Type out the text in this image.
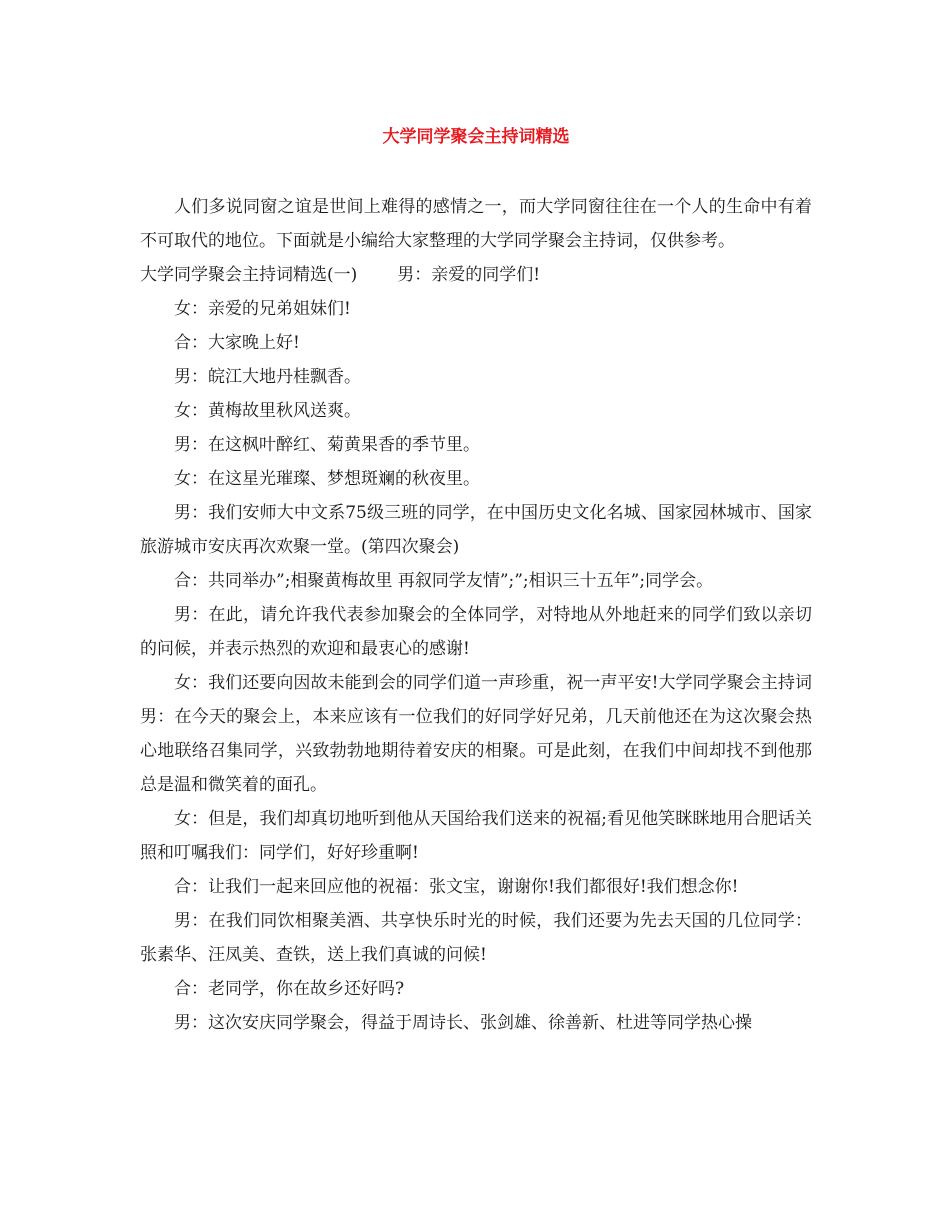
大学同学聚会主持词精选

人们多说同窗之谊是世间上难得的感情之一，而大学同窗往往在一个人的生命中有着不可取代的地位。下面就是小编给大家整理的大学同学聚会主持词，仅供参考。

大学同学聚会主持词精选(一) 男：亲爱的同学们!

女：亲爱的兄弟姐妹们!

合：大家晚上好!

男：皖江大地丹桂飘香。

女：黄梅故里秋风送爽。

男：在这枫叶醉红、菊黄果香的季节里。

女：在这星光璀璨、梦想斑斓的秋夜里。

男：我们安师大中文系75级三班的同学，在中国历史文化名城、国家园林城市、国家旅游城市安庆再次欢聚一堂。(第四次聚会)

合：共同举办”;相聚黄梅故里 再叙同学友情”;”;相识三十五年”;同学会。

男：在此，请允许我代表参加聚会的全体同学，对特地从外地赶来的同学们致以亲切的问候，并表示热烈的欢迎和最衷心的感谢!

女：我们还要向因故未能到会的同学们道一声珍重，祝一声平安!大学同学聚会主持词男：在今天的聚会上，本来应该有一位我们的好同学好兄弟，几天前他还在为这次聚会热心地联络召集同学，兴致勃勃地期待着安庆的相聚。可是此刻，在我们中间却找不到他那总是温和微笑着的面孔。

女：但是，我们却真切地听到他从天国给我们送来的祝福;看见他笑眯眯地用合肥话关照和叮嘱我们：同学们，好好珍重啊!

合：让我们一起来回应他的祝福：张文宝，谢谢你!我们都很好!我们想念你!

男：在我们同饮相聚美酒、共享快乐时光的时候，我们还要为先去天国的几位同学：张素华、汪凤美、查铁，送上我们真诚的问候!

合：老同学，你在故乡还好吗?

男：这次安庆同学聚会，得益于周诗长、张剑雄、徐善新、杜进等同学热心操
